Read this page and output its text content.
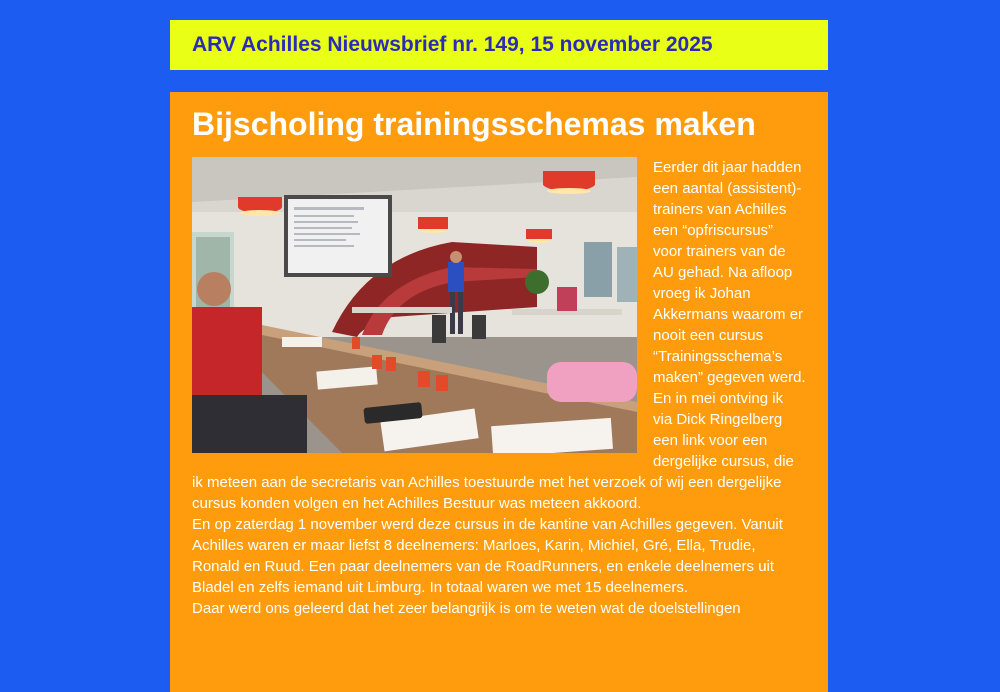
ARV Achilles Nieuwsbrief nr. 149, 15 november 2025
Bijscholing trainingsschemas maken

Eerder dit jaar hadden een aantal (assistent)-trainers van Achilles een “opfriscursus” voor trainers van de AU gehad. Na afloop vroeg ik Johan Akkermans waarom er nooit een cursus “Trainingsschema’s maken” gegeven werd. En in mei ontving ik via Dick Ringelberg een link voor een dergelijke cursus, die ik meteen aan de secretaris van Achilles toestuurde met het verzoek of wij een dergelijke cursus konden volgen en het Achilles Bestuur was meteen akkoord.

En op zaterdag 1 november werd deze cursus in de kantine van Achilles gegeven. Vanuit Achilles waren er maar liefst 8 deelnemers: Marloes, Karin, Michiel, Gré, Ella, Trudie, Ronald en Ruud. Een paar deelnemers van de RoadRunners, en enkele deelnemers uit Bladel en zelfs iemand uit Limburg. In totaal waren we met 15 deelnemers.

Daar werd ons geleerd dat het zeer belangrijk is om te weten wat de doelstellingen
